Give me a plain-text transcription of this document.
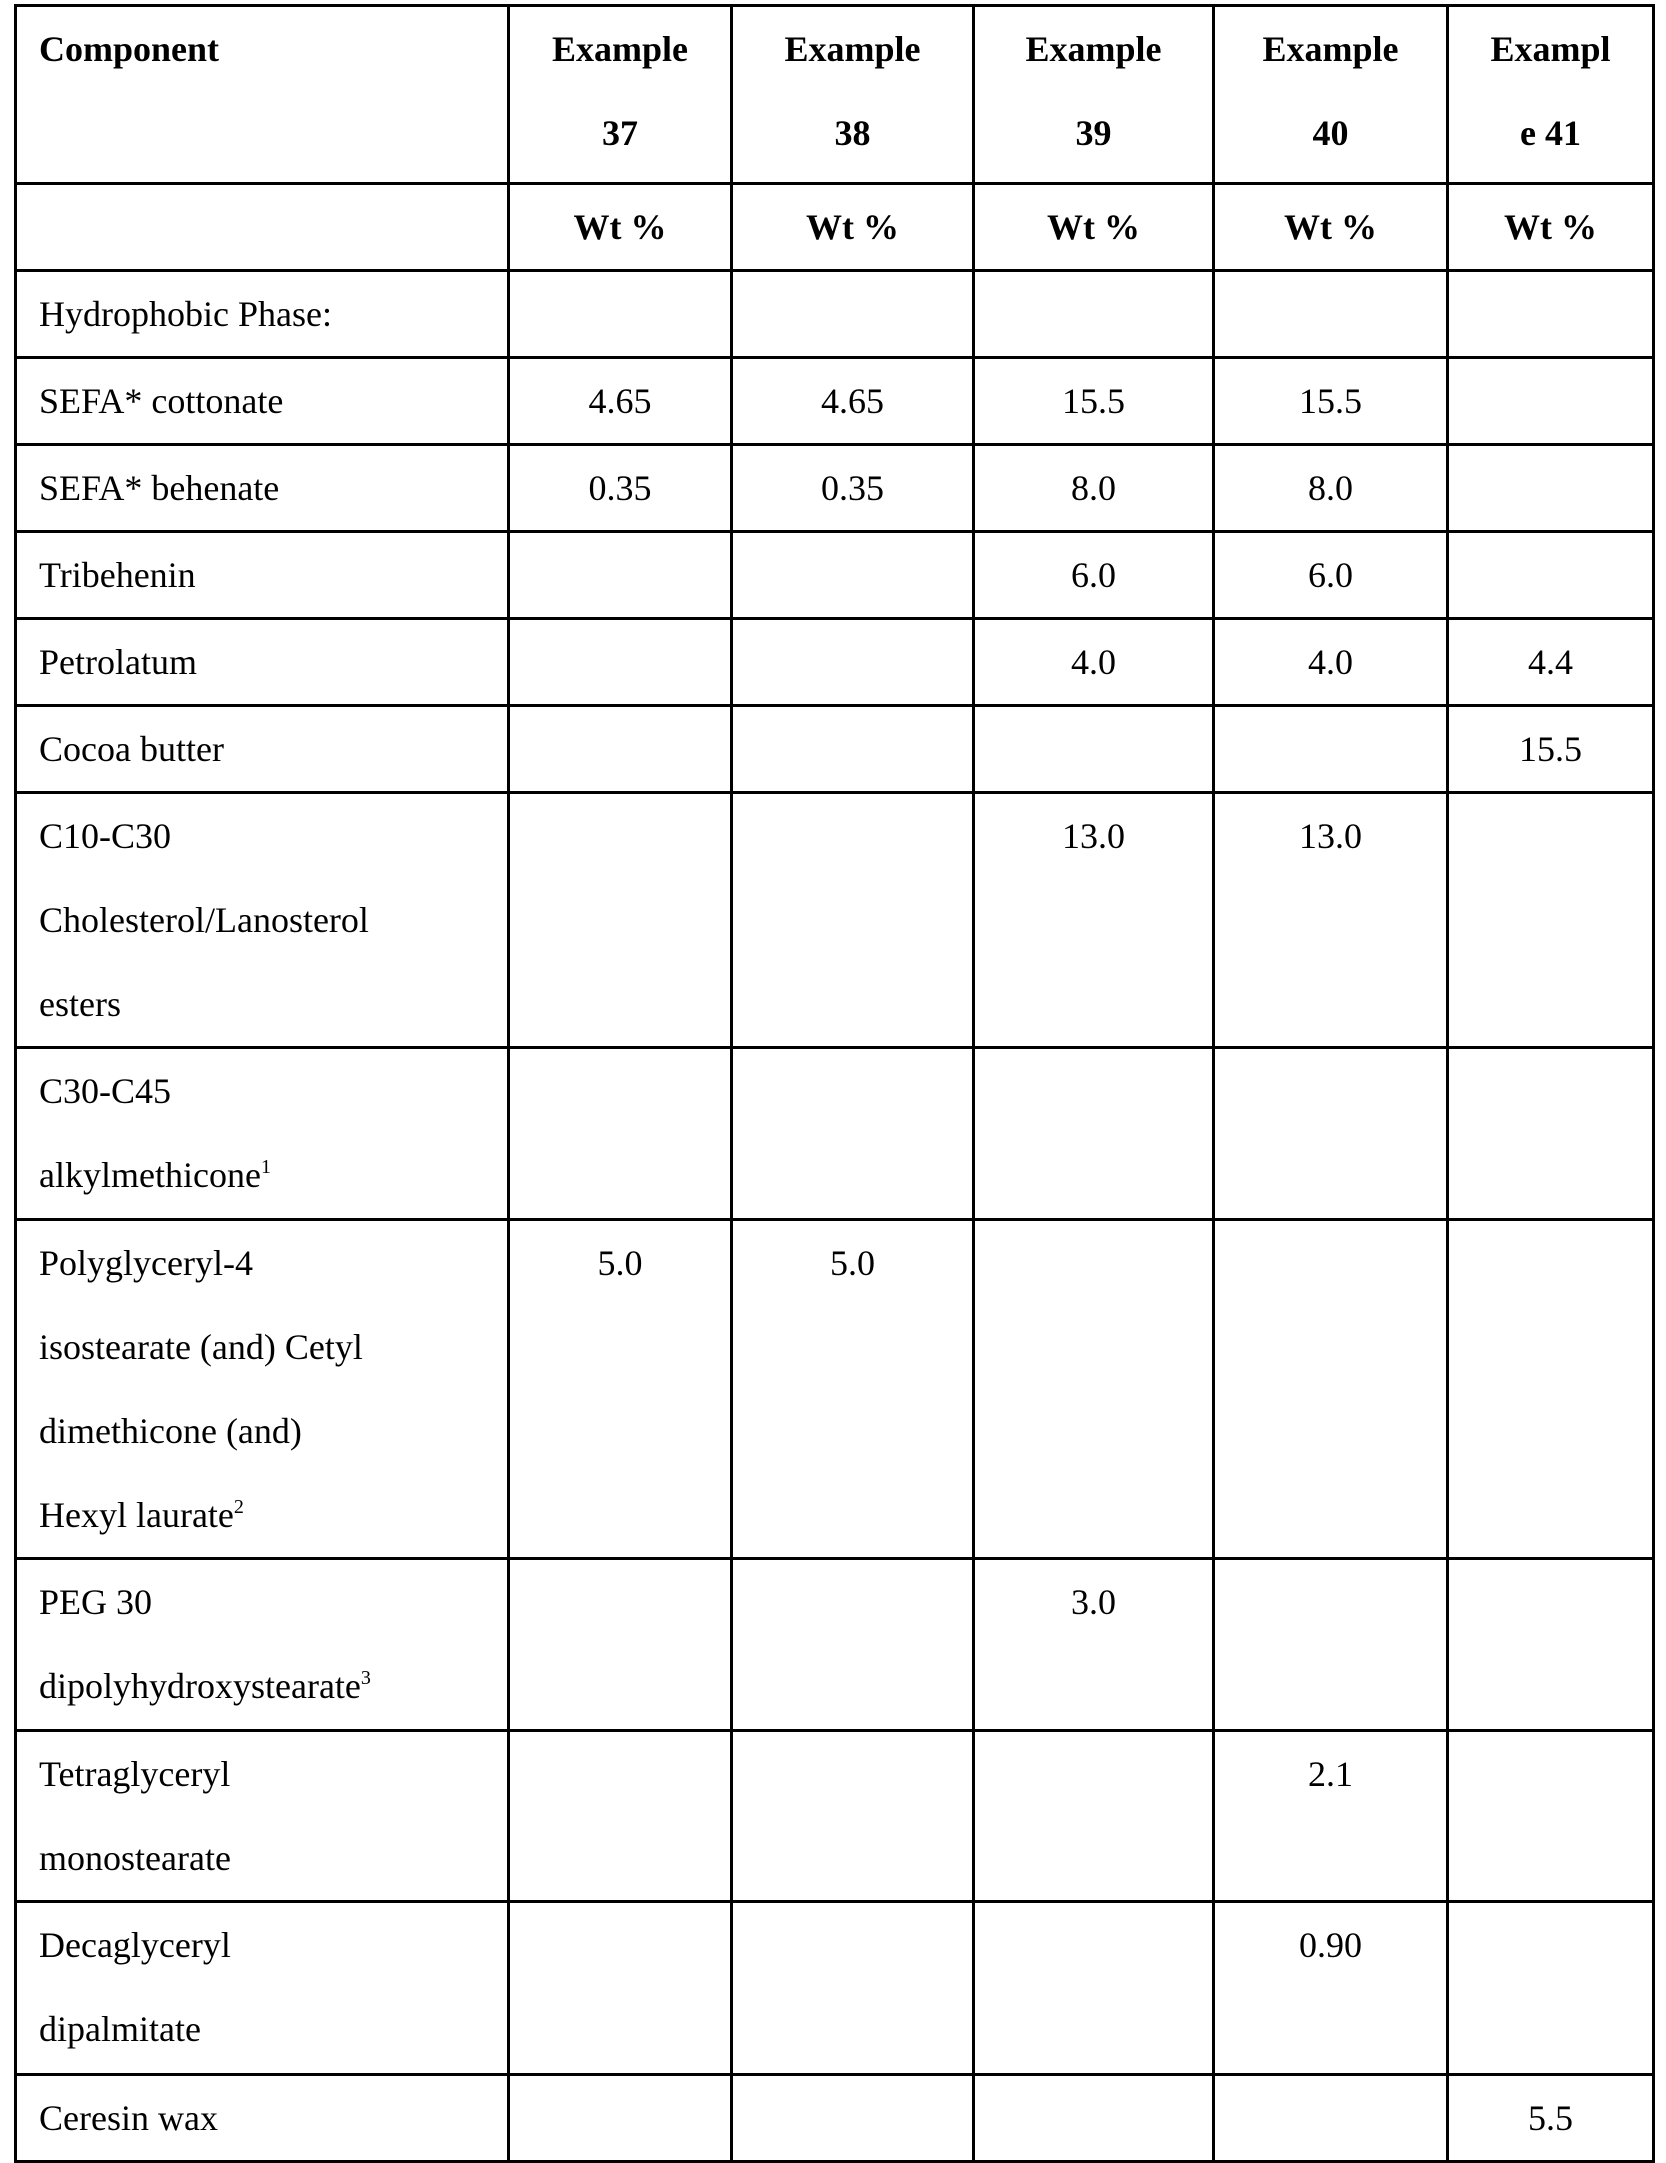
Component	Example
37

Example
38

Example
39

Example
40

Exampl
e 41

	Wt %	Wt %	Wt %	Wt %	Wt %

Hydrophobic Phase:

SEFA* cottonate	4.65	4.65	15.5	15.5	

SEFA* behenate	0.35	0.35	8.0	8.0	

Tribehenin			6.0	6.0	

Petrolatum			4.0	4.0	4.4

Cocoa butter					15.5

C10-C30
Cholesterol/Lanosterol
esters
			13.0	13.0	

C30-C45
alkylmethicone1

Polyglyceryl-4
isostearate (and) Cetyl
dimethicone (and)
Hexyl laurate2
	5.0	5.0			

PEG 30
dipolyhydroxystearate3
			3.0		

Tetraglyceryl
monostearate
				2.1	

Decaglyceryl
dipalmitate
				0.90	

Ceresin wax					5.5
